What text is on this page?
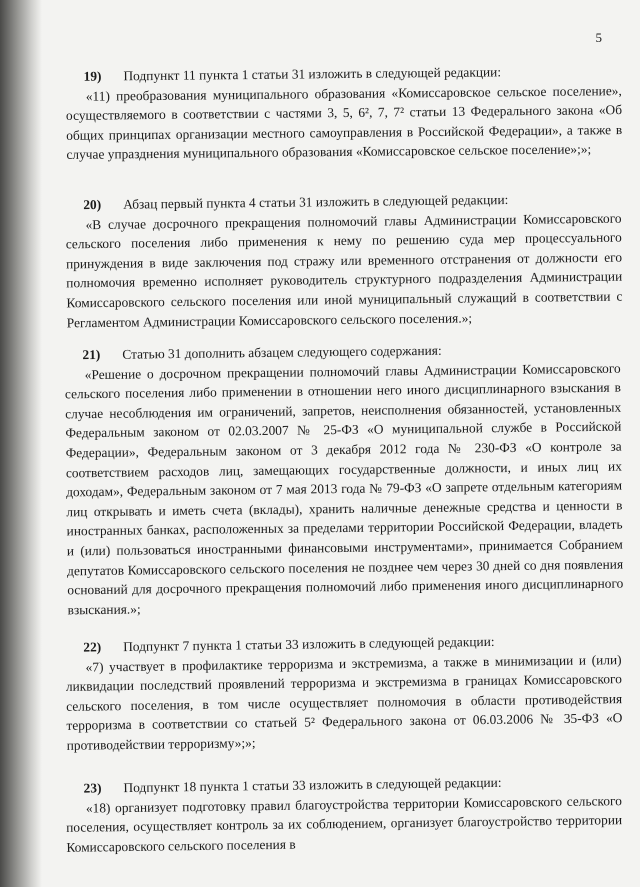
5

19) Подпункт 11 пункта 1 статьи 31 изложить в следующей редакции:

«11) преобразования муниципального образования «Комиссаровское сельское поселение», осуществляемого в соответствии с частями 3, 5, 6², 7, 7² статьи 13 Федерального закона «Об общих принципах организации местного самоуправления в Российской Федерации», а также в случае упразднения муниципального образования «Комиссаровское сельское поселение»;»;

20) Абзац первый пункта 4 статьи 31 изложить в следующей редакции:

«В случае досрочного прекращения полномочий главы Администрации Комиссаровского сельского поселения либо применения к нему по решению суда мер процессуального принуждения в виде заключения под стражу или временного отстранения от должности его полномочия временно исполняет руководитель структурного подразделения Администрации Комиссаровского сельского поселения или иной муниципальный служащий в соответствии с Регламентом Администрации Комиссаровского сельского поселения.»;

21) Статью 31 дополнить абзацем следующего содержания:

«Решение о досрочном прекращении полномочий главы Администрации Комиссаровского сельского поселения либо применении в отношении него иного дисциплинарного взыскания в случае несоблюдения им ограничений, запретов, неисполнения обязанностей, установленных Федеральным законом от 02.03.2007 № 25-ФЗ «О муниципальной службе в Российской Федерации», Федеральным законом от 3 декабря 2012 года № 230-ФЗ «О контроле за соответствием расходов лиц, замещающих государственные должности, и иных лиц их доходам», Федеральным законом от 7 мая 2013 года № 79-ФЗ «О запрете отдельным категориям лиц открывать и иметь счета (вклады), хранить наличные денежные средства и ценности в иностранных банках, расположенных за пределами территории Российской Федерации, владеть и (или) пользоваться иностранными финансовыми инструментами», принимается Собранием депутатов Комиссаровского сельского поселения не позднее чем через 30 дней со дня появления оснований для досрочного прекращения полномочий либо применения иного дисциплинарного взыскания.»;

22) Подпункт 7 пункта 1 статьи 33 изложить в следующей редакции:

«7) участвует в профилактике терроризма и экстремизма, а также в минимизации и (или) ликвидации последствий проявлений терроризма и экстремизма в границах Комиссаровского сельского поселения, в том числе осуществляет полномочия в области противодействия терроризма в соответствии со статьей 5² Федерального закона от 06.03.2006 № 35-ФЗ «О противодействии терроризму»;»;

23) Подпункт 18 пункта 1 статьи 33 изложить в следующей редакции:

«18) организует подготовку правил благоустройства территории Комиссаровского сельского поселения, осуществляет контроль за их соблюдением, организует благоустройство территории Комиссаровского сельского поселения в
